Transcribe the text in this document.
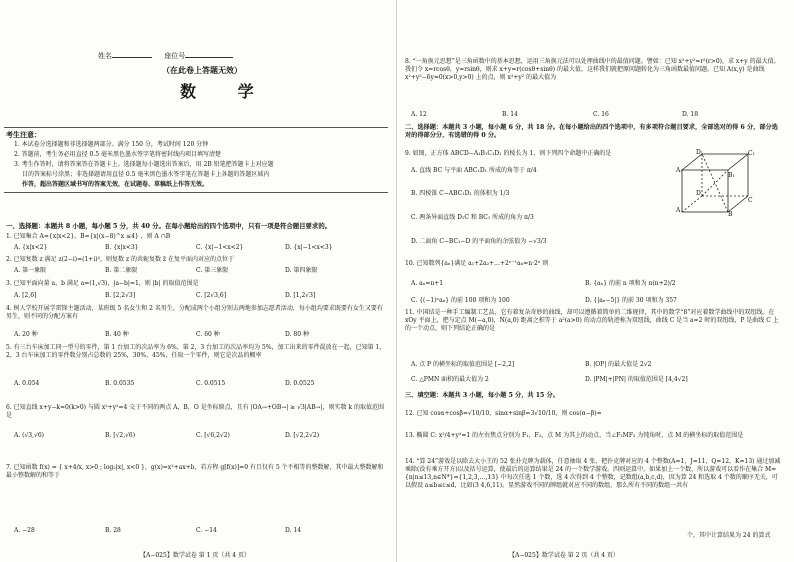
姓名	座位号
（在此卷上答题无效）
数 学
考生注意：
1. 本试卷分选择题和非选择题两部分。满分 150 分，考试时间 120 分钟
2. 答题前，考生务必用直径 0.5 毫米黑色墨水签字笔将密封线内项目填写清楚
3. 考生作答时，请将答案答在答题卡上。选择题每小题选出答案后，用 2B 铅笔把答题卡上对应题
目的答案标号涂黑；非选择题请用直径 0.5 毫米黑色墨水签字笔在答题卡上各题的答题区域内
作答，超出答题区域书写的答案无效，在试题卷、草稿纸上作答无效。
一、选择题：本题共 8 小题，每小题 5 分，共 40 分。在每小题给出的四个选项中，只有一项是符合题目要求的。
1. 已知集合 A={x|x<2}，B={x|(x−8)^x ≤4} ，则 A ∩B
A. {x|x<2}	B. {x|x<3}	C. {x|−1<x<2}	D. {x|−1<x<3}
2. 已知复数 z 满足 z(2−i)=(1+i)²，则复数 z 的共轭复数 z̄ 在复平面内对应的点位于
A. 第一象限	B. 第二象限	C. 第三象限	D. 第四象限
3. 已知平面向量 a、b 满足 a=(1,√3)，|a−b|=1，则 |b| 的取值范围是
A. [2,6]	B. [2,2√3]	C. [2√3,6]	D. [1,2√3]
4. 树人学校开展学雷锋主题活动，某班级 5 名女生和 2 名男生，分配成两个小组分别去两地参加志愿者活动，每小组均要求既要有女生又要有男生，则不同的分配方案有
A. 20 种	B. 40 种	C. 60 种	D. 80 种
5. 有三台车床加工同一型号的零件，第 1 台加工的次品率为 6%，第 2，3 台加工的次品率均为 5%，加工出来的零件混放在一起，已知第 1，2，3 台车床加工的零件数分别占总数的 25%，30%，45%，任取一个零件，则它是次品的概率
A. 0.054	B. 0.0535	C. 0.0515	D. 0.0525
6. 已知直线 x+y−k=0(k>0) 与圆 x²+y²=4 交于不同的两点 A，B，O 是坐标原点，且有 |OA→+OB→| ≥ √3|AB→|，则实数 k 的取值范围是
A. (√3,√6)	B. [√2,√6)	C. [√6,2√2)	D. [√2,2√2)
7. 已知函数 f(x) = { x+4/x, x>0 ; log₂|x|, x<0 }，g(x)=x²+ax+b，若方程 g[f(x)]=0 有且仅有 5 个不相等的整数解，其中最大整数解和最小整数解的和等于
A. −28	B. 28	C. −14	D. 14
【A−025】数学试卷 第 1 页（共 4 页）
8. “一角换元思想”是三角函数中的基本思想，运用三角换元法可以处理曲线中的最值问题。譬如：已知 x²+y²=r²(r>0)，求 x+y 的最大值。我们令 x=rcosθ，y=rsinθ，则求 x+y=r(cosθ+sinθ) 的最大值，这样我们就把原问题转化为三角函数最值问题。已知 A(x,y) 是曲线 x²+y²−6y=0(x>0,y>0) 上的点，则 x²+y² 的最大值为
A. 12	B. 14	C. 16	D. 18
二、选择题：本题共 3 小题，每小题 6 分，共 18 分。在每小题给出的四个选项中，有多项符合题目要求，全部选对的得 6 分，部分选对的得部分分，有选错的得 0 分。
9. 如图，正方体 ABCD−A₁B₁C₁D₁ 的棱长为 1，则下列四个命题中正确的是
A. 直线 BC 与平面 ABC₁D₁ 所成的角等于 π/4
B. 四棱锥 C−ABC₁D₁ 的体积为 1/3
C. 两条异面直线 D₁C 和 BC₁ 所成的角为 π/3
D. 二面角 C−BC₁−D 的平面角的余弦值为 −√3/3
10. 已知数列{aₙ}满足 a₁+2a₂+…+2ⁿ⁻¹aₙ=n·2ⁿ 则
A. aₙ=n+1	B. {aₙ} 的前 n 项和为 n(n+2)/2
C. {(−1)ⁿaₙ} 的前 100 项和为 100	D. {|aₙ−5|} 的前 30 项和为 357
11. 中国结是一种手工编制工艺品，它有着复杂奇妙的曲线，却可以遵循着简单的二维规律，其中的数学“8”对应着数学曲线中的双纽线。在 xOy 平面上，把与定点 M(−a,0)，N(a,0) 距离之积等于 a²(a>0) 的动点的轨迹称为双纽线，曲线 C 是当 a=2 时的双纽线，P 是曲线 C 上的一个动点，则下列结论正确的是
A. 点 P 的横坐标的取值范围是 [−2,2]	B. |OP| 的最大值是 2√2
C. △PMN 面积的最大值为 2	D. |PM|+|PN| 的取值范围是 [4,4√2]
三、填空题：本题共 3 小题，每小题 5 分，共 15 分。
12. 已知 cosα+cosβ=√10/10，sinα+sinβ=3√10/10，则 cos(α−β)=
13. 椭圆 C: x²/4+y²=1 的左右焦点分别为 F₁，F₂，点 M 为其上的动点，当∠F₁MF₂ 为钝角时，点 M 的横坐标的取值范围是
14. “算 24”游戏是以除去大小王的 52 张扑克牌为载体，任意抽取 4 张，把扑克牌对应的 4 个整数(A=1，J=11，Q=12，K=13) 通过加减乘除(没有乘方开方)以及括号运算，使最后的运算结果是 24 的一个数学游戏。四则运算中，如果加上一个数，所以游戏可以看作在集合 M={n|n≤13,n∈N*}={1,2,3,…,13} 中每次任选 1 个数，选 4 次得到 4 个整数，记数组(a,b,c,d)，因为算 24 和选取 4 个数的顺序无关，可以假设 a≤b≤c≤d，比如(3 4,6,11)。显然游戏不同的牌组就对应不同的数组，那么所有不同的数组一共有
个，其中计算结果为 24 的算式
【A−025】数学试卷 第 2 页（共 4 页）
D₁	C₁
A₁
B₁
D
C
A
B
